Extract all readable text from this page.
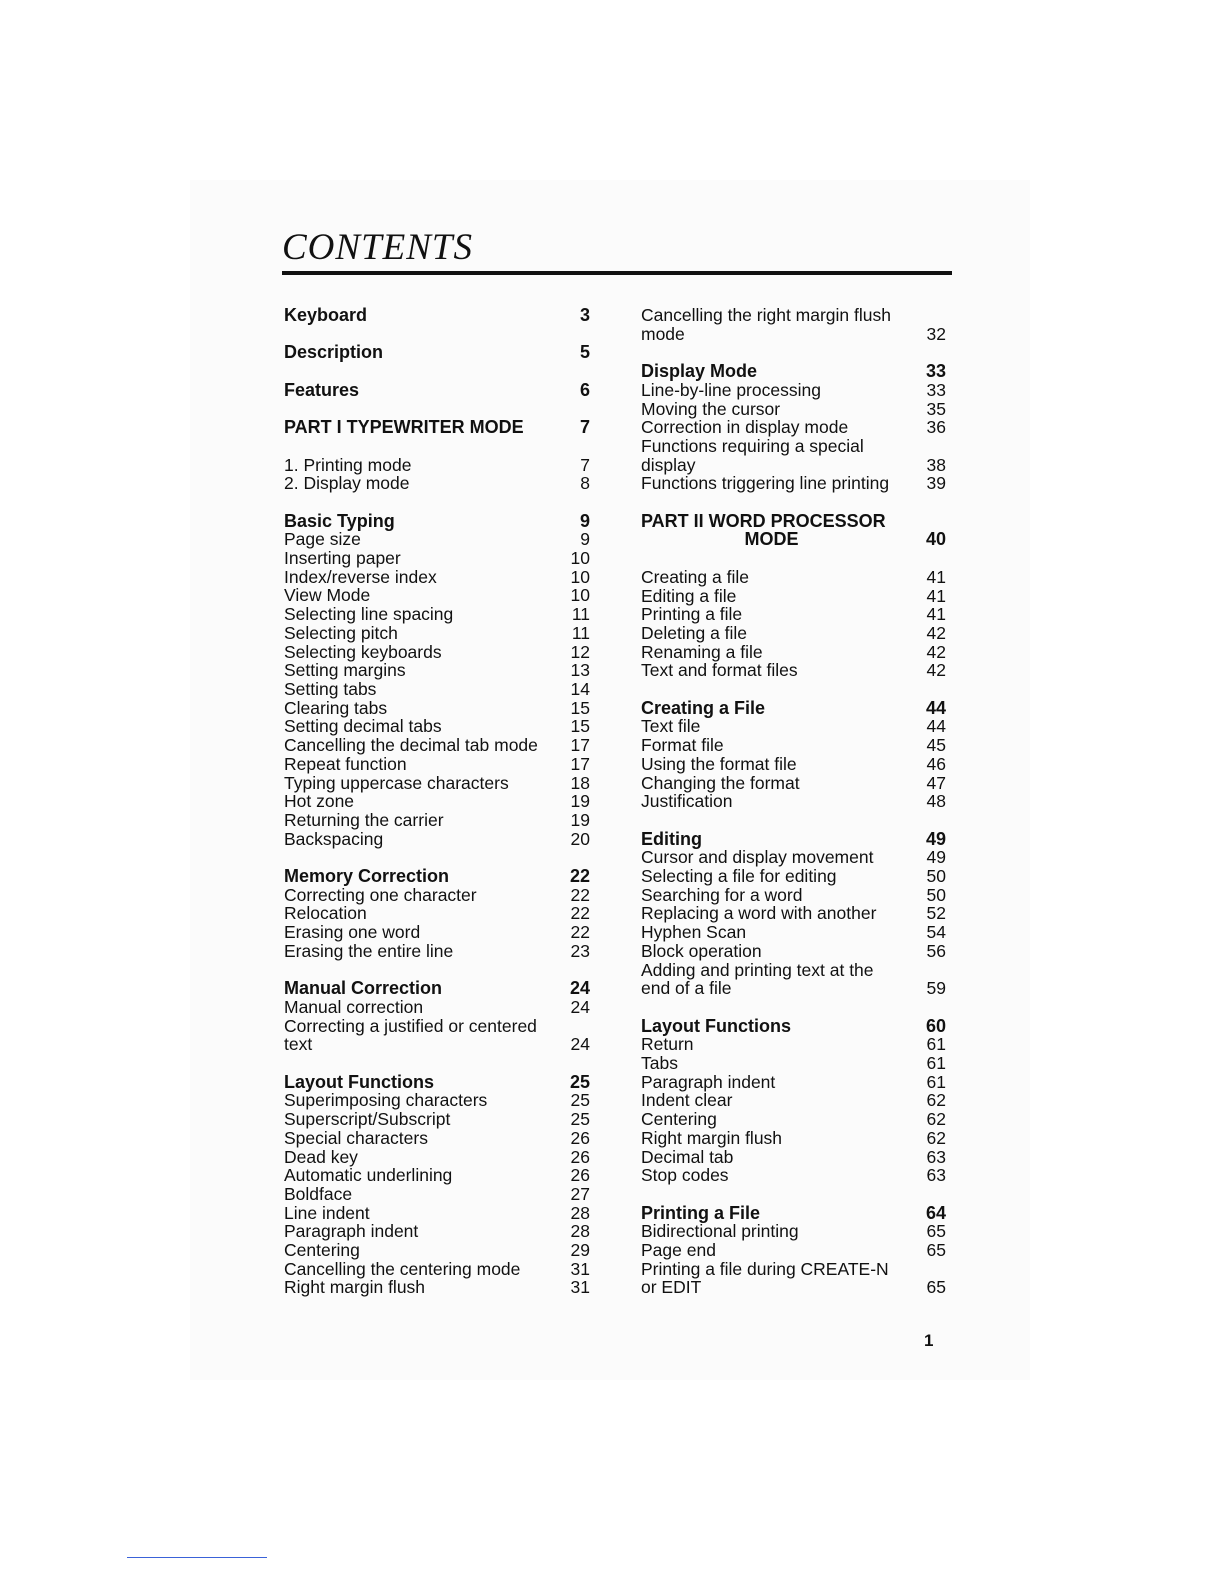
CONTENTS
Keyboard	3
Description	5
Features	6
PART I TYPEWRITER MODE	7
1. Printing mode	7
2. Display mode	8
Basic Typing	9
Page size	9
Inserting paper	10
Index/reverse index	10
View Mode	10
Selecting line spacing	11
Selecting pitch	11
Selecting keyboards	12
Setting margins	13
Setting tabs	14
Clearing tabs	15
Setting decimal tabs	15
Cancelling the decimal tab mode	17
Repeat function	17
Typing uppercase characters	18
Hot zone	19
Returning the carrier	19
Backspacing	20
Memory Correction	22
Correcting one character	22
Relocation	22
Erasing one word	22
Erasing the entire line	23
Manual Correction	24
Manual correction	24
Correcting a justified or centered
text	24
Layout Functions	25
Superimposing characters	25
Superscript/Subscript	25
Special characters	26
Dead key	26
Automatic underlining	26
Boldface	27
Line indent	28
Paragraph indent	28
Centering	29
Cancelling the centering mode	31
Right margin flush	31
Cancelling the right margin flush
mode	32
Display Mode	33
Line-by-line processing	33
Moving the cursor	35
Correction in display mode	36
Functions requiring a special
display	38
Functions triggering line printing	39
PART II WORD PROCESSOR
MODE	40
Creating a file	41
Editing a file	41
Printing a file	41
Deleting a file	42
Renaming a file	42
Text and format files	42
Creating a File	44
Text file	44
Format file	45
Using the format file	46
Changing the format	47
Justification	48
Editing	49
Cursor and display movement	49
Selecting a file for editing	50
Searching for a word	50
Replacing a word with another	52
Hyphen Scan	54
Block operation	56
Adding and printing text at the
end of a file	59
Layout Functions	60
Return	61
Tabs	61
Paragraph indent	61
Indent clear	62
Centering	62
Right margin flush	62
Decimal tab	63
Stop codes	63
Printing a File	64
Bidirectional printing	65
Page end	65
Printing a file during CREATE-N
or EDIT	65
1
